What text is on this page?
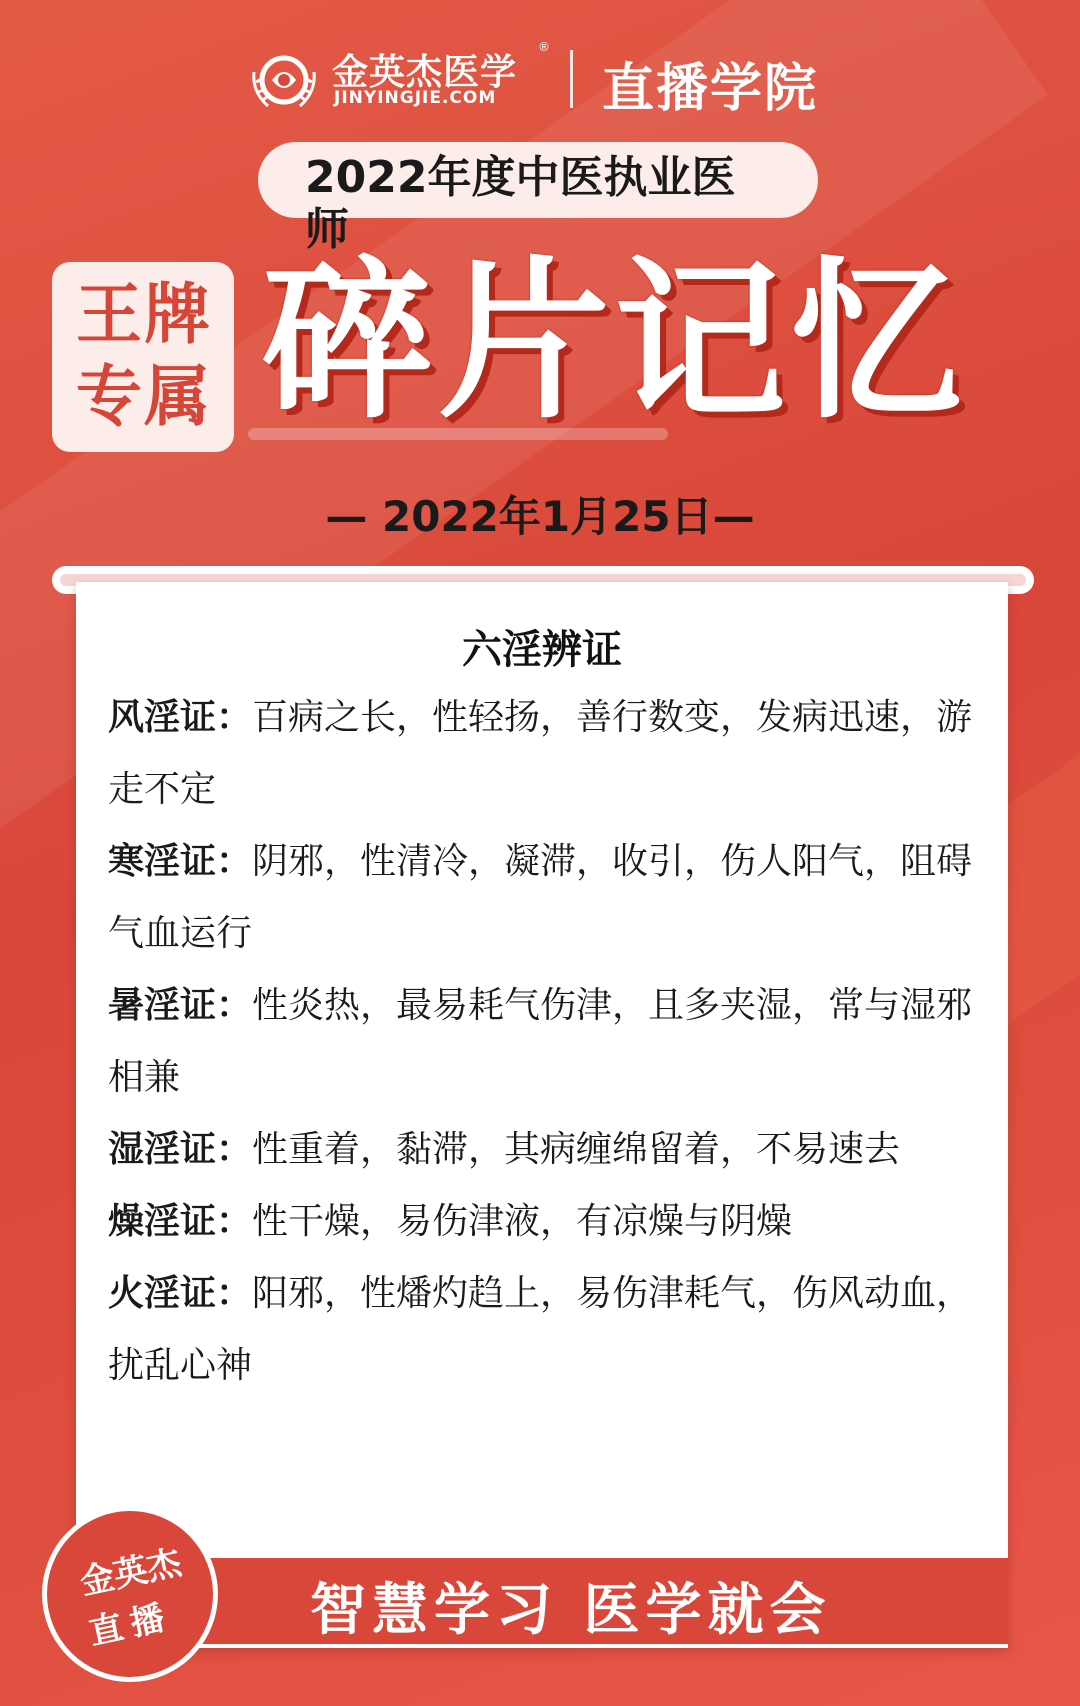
金英杰医学
®
JINYINGJIE.COM 直播学院
2022年度中医执业医师
王牌
专属 碎片记忆
— 2022年1月25日—
六淫辨证
风淫证：百病之长，性轻扬，善行数变，发病迅速，游走不定
寒淫证：阴邪，性清冷，凝滞，收引，伤人阳气，阻碍气血运行
暑淫证：性炎热，最易耗气伤津，且多夹湿，常与湿邪相兼
湿淫证：性重着，黏滞，其病缠绵留着，不易速去
燥淫证：性干燥，易伤津液，有凉燥与阴燥
火淫证：阳邪，性燔灼趋上，易伤津耗气，伤风动血，扰乱心神
智慧学习 医学就会
金英杰
直播
